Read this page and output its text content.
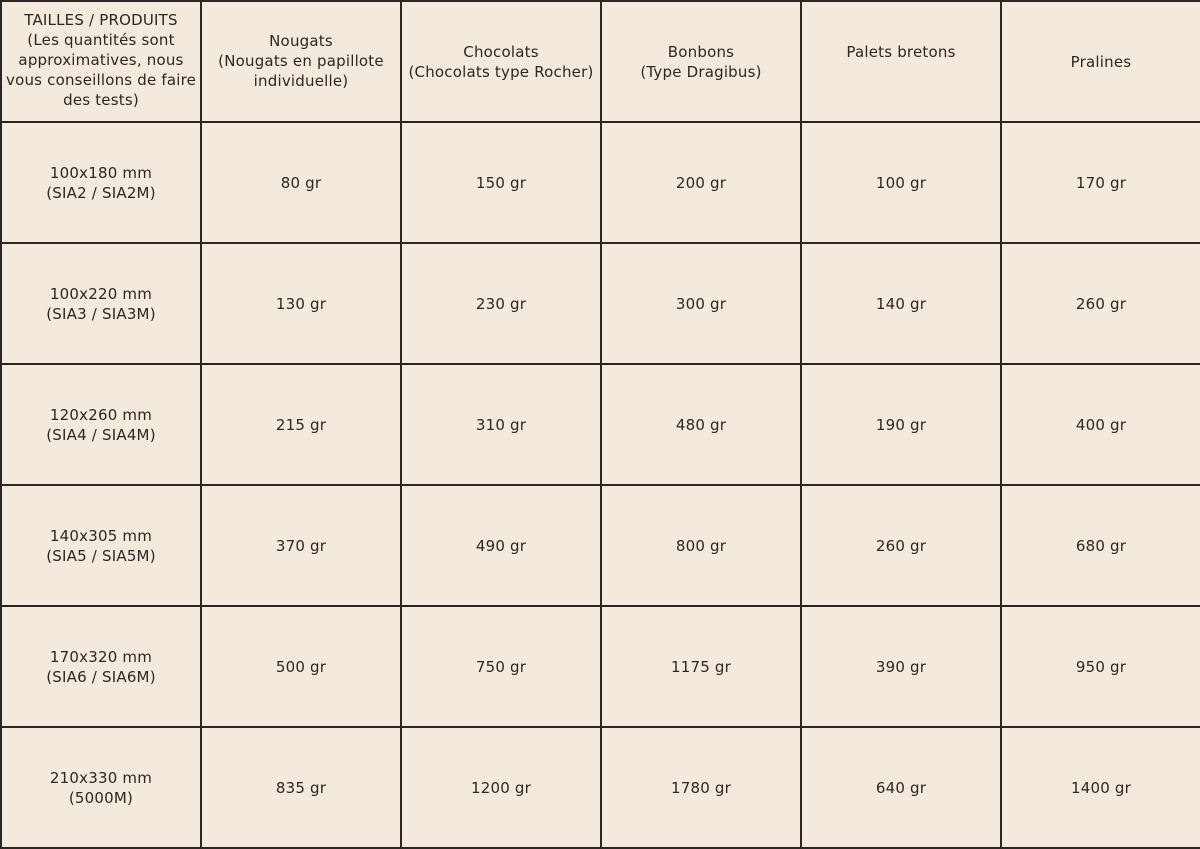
TAILLES / PRODUITS
(Les quantités sont
approximatives, nous
vous conseillons de faire
des tests)	Nougats
(Nougats en papillote
individuelle)	Chocolats
(Chocolats type Rocher)	Bonbons
(Type Dragibus)	Palets bretons	Pralines

100x180 mm
(SIA2 / SIA2M)	80 gr	150 gr	200 gr	100 gr	170 gr

100x220 mm
(SIA3 / SIA3M)	130 gr	230 gr	300 gr	140 gr	260 gr

120x260 mm
(SIA4 / SIA4M)	215 gr	310 gr	480 gr	190 gr	400 gr

140x305 mm
(SIA5 / SIA5M)	370 gr	490 gr	800 gr	260 gr	680 gr

170x320 mm
(SIA6 / SIA6M)	500 gr	750 gr	1175 gr	390 gr	950 gr

210x330 mm
(5000M)	835 gr	1200 gr	1780 gr	640 gr	1400 gr
